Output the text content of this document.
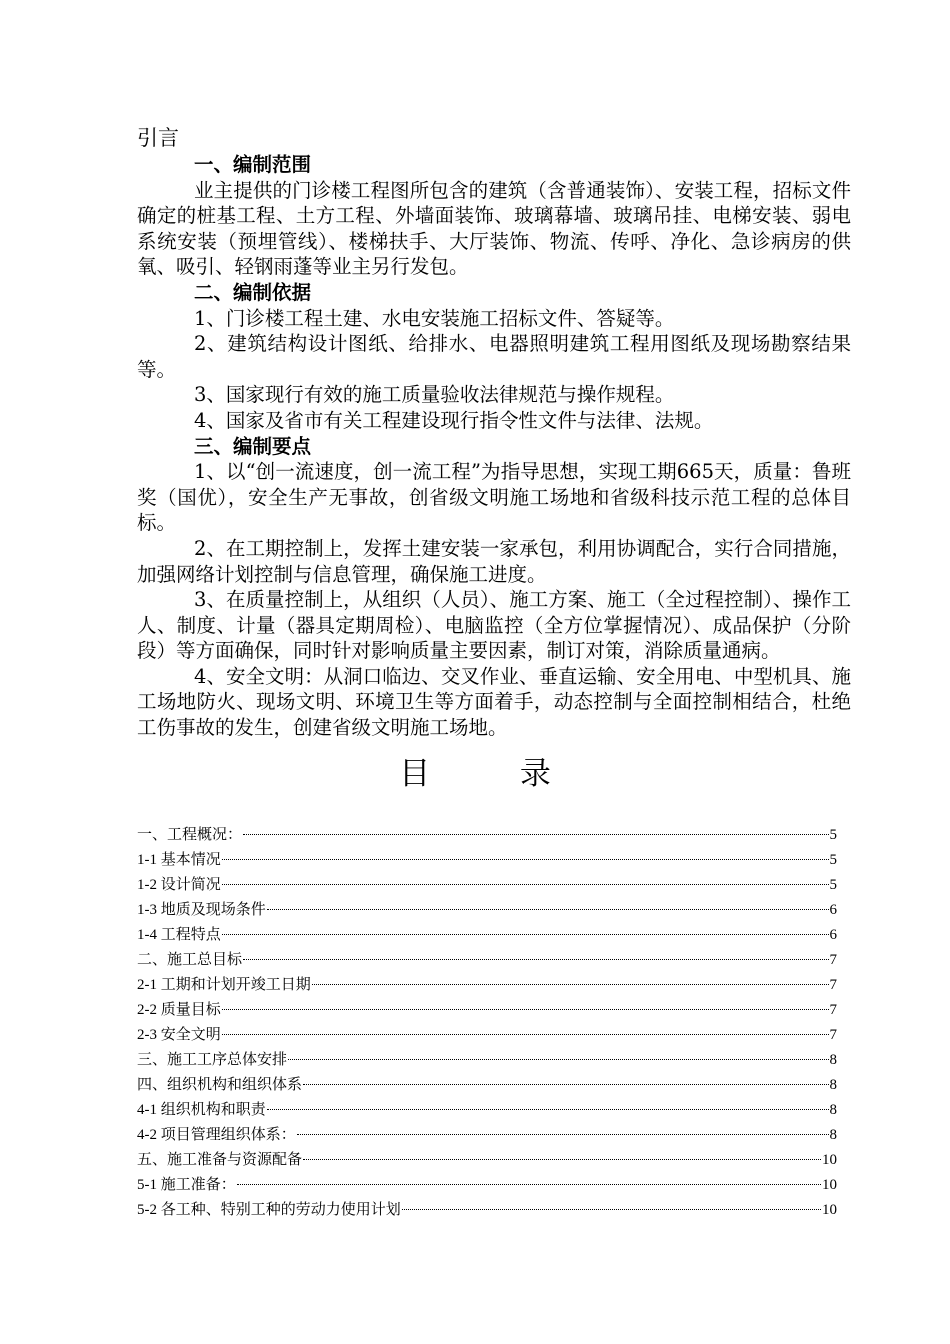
引言

一、编制范围

业主提供的门诊楼工程图所包含的建筑（含普通装饰）、安装工程，招标文件确定的桩基工程、土方工程、外墙面装饰、玻璃幕墙、玻璃吊挂、电梯安装、弱电系统安装（预埋管线）、楼梯扶手、大厅装饰、物流、传呼、净化、急诊病房的供氧、吸引、轻钢雨蓬等业主另行发包。

二、编制依据

1、门诊楼工程土建、水电安装施工招标文件、答疑等。

2、建筑结构设计图纸、给排水、电器照明建筑工程用图纸及现场勘察结果等。

3、国家现行有效的施工质量验收法律规范与操作规程。

4、国家及省市有关工程建设现行指令性文件与法律、法规。

三、编制要点

1、以“创一流速度，创一流工程”为指导思想，实现工期665天，质量：鲁班奖（国优），安全生产无事故，创省级文明施工场地和省级科技示范工程的总体目标。

2、在工期控制上，发挥土建安装一家承包，利用协调配合，实行合同措施，加强网络计划控制与信息管理，确保施工进度。

3、在质量控制上，从组织（人员）、施工方案、施工（全过程控制）、操作工人、制度、计量（器具定期周检）、电脑监控（全方位掌握情况）、成品保护（分阶段）等方面确保，同时针对影响质量主要因素，制订对策，消除质量通病。

4、安全文明：从洞口临边、交叉作业、垂直运输、安全用电、中型机具、施工场地防火、现场文明、环境卫生等方面着手，动态控制与全面控制相结合，杜绝工伤事故的发生，创建省级文明施工场地。

目 录
一、工程概况：	5
1-1 基本情况	5
1-2 设计简况	5
1-3 地质及现场条件	6
1-4 工程特点	6
二、施工总目标	7
2-1 工期和计划开竣工日期	7
2-2 质量目标	7
2-3 安全文明	7
三、施工工序总体安排	8
四、组织机构和组织体系	8
4-1 组织机构和职责	8
4-2 项目管理组织体系：	8
五、施工准备与资源配备	10
5-1 施工准备：	10
5-2 各工种、特别工种的劳动力使用计划	10
